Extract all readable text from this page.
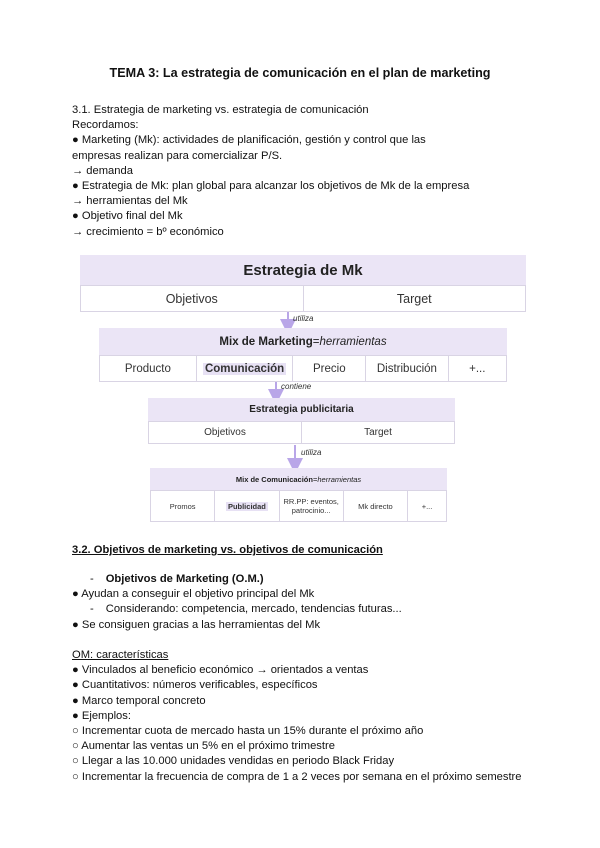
TEMA 3: La estrategia de comunicación en el plan de marketing
3.1. Estrategia de marketing vs. estrategia de comunicación
Recordamos:
● Marketing (Mk): actividades de planificación, gestión y control que las
empresas realizan para comercializar P/S.
→ demanda
● Estrategia de Mk: plan global para alcanzar los objetivos de Mk de la empresa
→ herramientas del Mk
● Objetivo final del Mk
→ crecimiento = bº económico
Estrategia de Mk
Objetivos	Target
utiliza
Mix de Marketing = herramientas
Producto	Comunicación	Precio	Distribución	+...
contiene
Estrategia publicitaria
Objetivos	Target
utiliza
Mix de Comunicación = herramientas
Promos	Publicidad	RR.PP: eventos, patrocinio...	Mk directo	+...
3.2. Objetivos de marketing vs. objetivos de comunicación
- Objetivos de Marketing (O.M.)
● Ayudan a conseguir el objetivo principal del Mk
- Considerando: competencia, mercado, tendencias futuras...
● Se consiguen gracias a las herramientas del Mk
OM: características
● Vinculados al beneficio económico → orientados a ventas
● Cuantitativos: números verificables, específicos
● Marco temporal concreto
● Ejemplos:
○ Incrementar cuota de mercado hasta un 15% durante el próximo año
○ Aumentar las ventas un 5% en el próximo trimestre
○ Llegar a las 10.000 unidades vendidas en periodo Black Friday
○ Incrementar la frecuencia de compra de 1 a 2 veces por semana en el próximo semestre
